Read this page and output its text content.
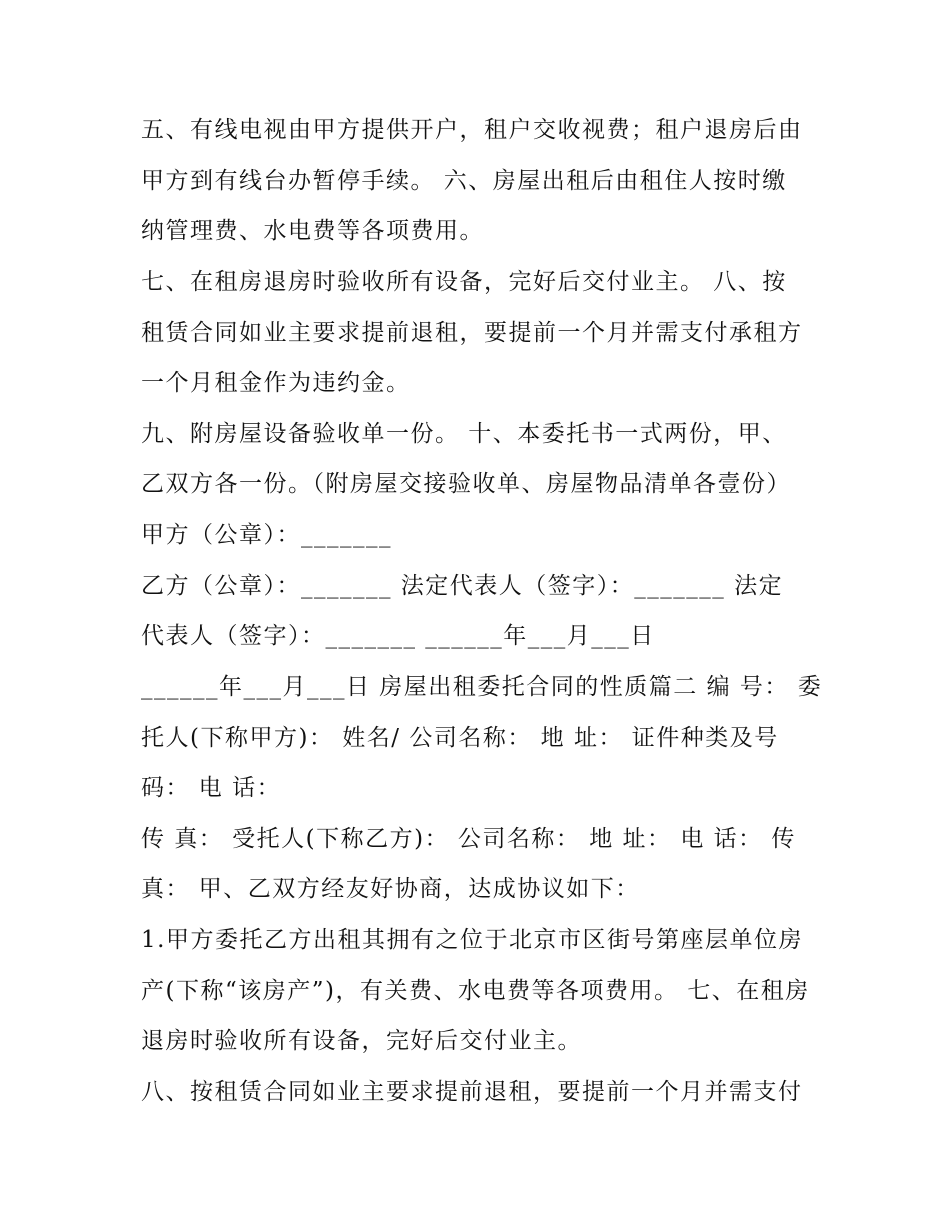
五、有线电视由甲方提供开户，租户交收视费；租户退房后由
甲方到有线台办暂停手续。 六、房屋出租后由租住人按时缴
纳管理费、水电费等各项费用。
七、在租房退房时验收所有设备，完好后交付业主。 八、按
租赁合同如业主要求提前退租，要提前一个月并需支付承租方
一个月租金作为违约金。
九、附房屋设备验收单一份。 十、本委托书一式两份，甲、
乙双方各一份。（附房屋交接验收单、房屋物品清单各壹份）
甲方（公章）：_______
乙方（公章）：_______ 法定代表人（签字）：_______ 法定
代表人（签字）：_______ ______年___月___日
______年___月___日 房屋出租委托合同的性质篇二 编 号： 委
托人(下称甲方)： 姓名/ 公司名称： 地 址： 证件种类及号
码： 电 话：
传 真： 受托人(下称乙方)： 公司名称： 地 址： 电 话： 传
真： 甲、乙双方经友好协商，达成协议如下：
1.甲方委托乙方出租其拥有之位于北京市区街号第座层单位房
产(下称“该房产”)，有关费、水电费等各项费用。 七、在租房
退房时验收所有设备，完好后交付业主。
八、按租赁合同如业主要求提前退租，要提前一个月并需支付
